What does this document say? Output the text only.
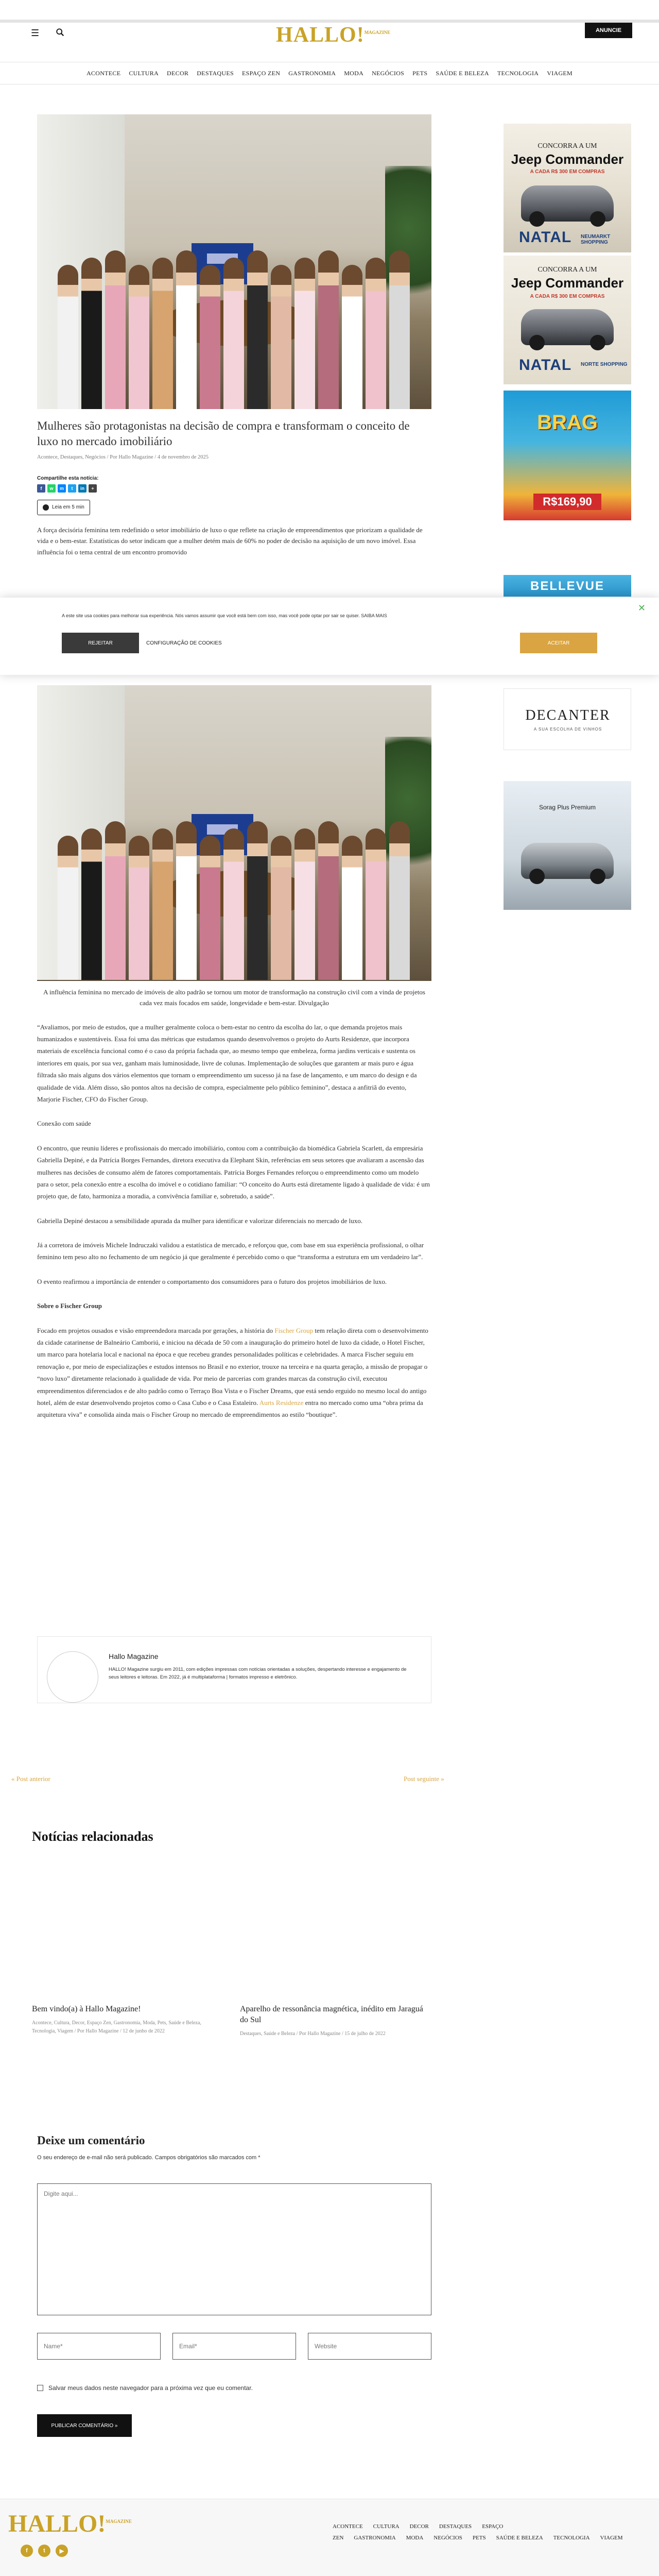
☰	HALLO!$^{MAGAZINE}$	ANUNCIE
ACONTECE CULTURA DECOR DESTAQUES ESPAÇO ZEN GASTRONOMIA MODA NEGÓCIOS PETS SAÚDE E BELEZA TECNOLOGIA VIAGEM
Mulheres são protagonistas na decisão de compra e transformam o conceito de luxo no mercado imobiliário
Acontece, Destaques, Negócios / Por Hallo Magazine / 4 de novembro de 2025
Compartilhe esta notícia:
f	w	m	t	in	+
Leia em 5 min

A força decisória feminina tem redefinido o setor imobiliário de luxo o que reflete na criação de empreendimentos que priorizam a qualidade de vida e o bem-estar. Estatísticas do setor indicam que a mulher detém mais de 60% no poder de decisão na aquisição de um novo imóvel. Essa influência foi o tema central de um encontro promovido

A este site usa cookies para melhorar sua experiência. Nós vamos assumir que você está bem com isso, mas você pode optar por sair se quiser. SAIBA MAIS
✕
REJEITAR	CONFIGURAÇÃO DE COOKIES	ACEITAR

A influência feminina no mercado de imóveis de alto padrão se tornou um motor de transformação na construção civil com a vinda de projetos cada vez mais focados em saúde, longevidade e bem-estar. Divulgação

“Avaliamos, por meio de estudos, que a mulher geralmente coloca o bem-estar no centro da escolha do lar, o que demanda projetos mais humanizados e sustentáveis. Essa foi uma das métricas que estudamos quando desenvolvemos o projeto do Aurts Residenze, que incorpora materiais de excelência funcional como é o caso da própria fachada que, ao mesmo tempo que embeleza, forma jardins verticais e sustenta os interiores em quais, por sua vez, ganham mais luminosidade, livre de colunas. Implementação de soluções que garantem ar mais puro e água filtrada são mais alguns dos vários elementos que tornam o empreendimento um sucesso já na fase de lançamento, e um marco do design e da qualidade de vida. Além disso, são pontos altos na decisão de compra, especialmente pelo público feminino”, destaca a anfitriã do evento, Marjorie Fischer, CFO do Fischer Group.

Conexão com saúde

O encontro, que reuniu líderes e profissionais do mercado imobiliário, contou com a contribuição da biomédica Gabriela Scarlett, da empresária Gabriella Depiné, e da Patrícia Borges Fernandes, diretora executiva da Elephant Skin, referências em seus setores que avaliaram a ascensão das mulheres nas decisões de consumo além de fatores comportamentais. Patrícia Borges Fernandes reforçou o empreendimento como um modelo para o setor, pela conexão entre a escolha do imóvel e o cotidiano familiar: “O conceito do Aurts está diretamente ligado à qualidade de vida: é um projeto que, de fato, harmoniza a moradia, a convivência familiar e, sobretudo, a saúde”.

Gabriella Depiné destacou a sensibilidade apurada da mulher para identificar e valorizar diferenciais no mercado de luxo.

Já a corretora de imóveis Michele Indruczaki validou a estatística de mercado, e reforçou que, com base em sua experiência profissional, o olhar feminino tem peso alto no fechamento de um negócio já que geralmente é percebido como o que “transforma a estrutura em um verdadeiro lar”.

O evento reafirmou a importância de entender o comportamento dos consumidores para o futuro dos projetos imobiliários de luxo.

Sobre o Fischer Group

Focado em projetos ousados e visão empreendedora marcada por gerações, a história do Fischer Group tem relação direta com o desenvolvimento da cidade catarinense de Balneário Camboriú, e iniciou na década de 50 com a inauguração do primeiro hotel de luxo da cidade, o Hotel Fischer, um marco para hotelaria local e nacional na época e que recebeu grandes personalidades políticas e celebridades. A marca Fischer seguiu em renovação e, por meio de especializações e estudos intensos no Brasil e no exterior, trouxe na terceira e na quarta geração, a missão de propagar o “novo luxo” diretamente relacionado à qualidade de vida. Por meio de parcerias com grandes marcas da construção civil, executou empreendimentos diferenciados e de alto padrão como o Terraço Boa Vista e o Fischer Dreams, que está sendo erguido no mesmo local do antigo hotel, além de estar desenvolvendo projetos como o Casa Cubo e o Casa Estaleiro. Aurts Residenze entra no mercado como uma “obra prima da arquitetura viva” e consolida ainda mais o Fischer Group no mercado de empreendimentos ao estilo “boutique”.

Hallo Magazine
HALLO! Magazine surgiu em 2011, com edições impressas com notícias orientadas a soluções, despertando interesse e engajamento de seus leitores e leitoras. Em 2022, já é multiplataforma | formatos impresso e eletrônico.
« Post anterior	Post seguinte »
Notícias relacionadas
Bem vindo(a) à Hallo Magazine!
Acontece, Cultura, Decor, Espaço Zen, Gastronomia, Moda, Pets, Saúde e Beleza, Tecnologia, Viagem / Por Hallo Magazine / 12 de junho de 2022
Aparelho de ressonância magnética, inédito em Jaraguá do Sul
Destaques, Saúde e Beleza / Por Hallo Magazine / 15 de julho de 2022
Deixe um comentário
O seu endereço de e-mail não será publicado. Campos obrigatórios são marcados com *
Digite aqui...
Name*	Email*	Website
Salvar meus dados neste navegador para a próxima vez que eu comentar.
PUBLICAR COMENTÁRIO »
CONCORRA A UM
Jeep Commander
A CADA R$ 300 EM COMPRAS
NATAL NEUMARKT SHOPPING
CONCORRA A UM
Jeep Commander
A CADA R$ 300 EM COMPRAS
NATAL NORTE SHOPPING
BRAG
R$169,90
BELLEVUE
DECANTER
A SUA ESCOLHA DE VINHOS
Sorag Plus Premium
HALLO!$^{MAGAZINE}$
f	t	▶
ACONTECE CULTURA DECOR DESTAQUES ESPAÇO ZEN GASTRONOMIA MODA NEGÓCIOS PETS SAÚDE E BELEZA TECNOLOGIA VIAGEM
